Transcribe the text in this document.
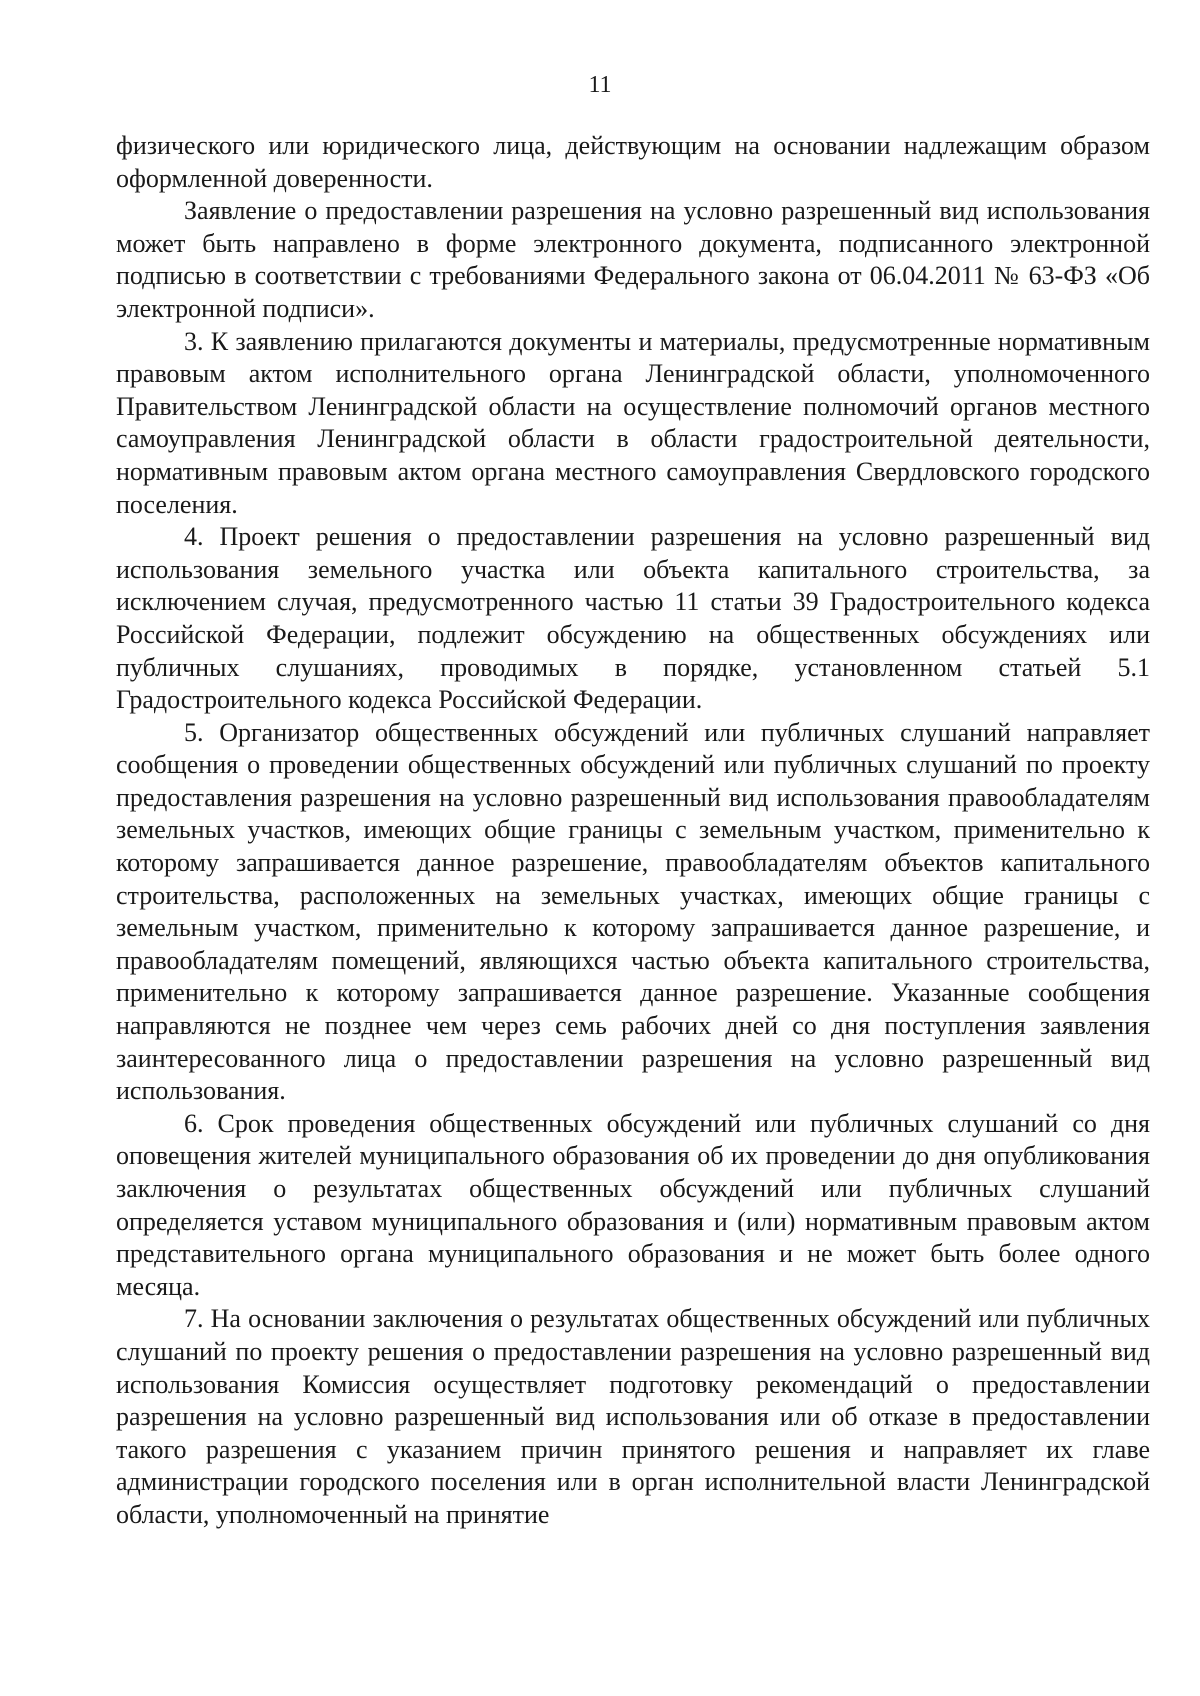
11

физического или юридического лица, действующим на основании надлежащим образом оформленной доверенности.

Заявление о предоставлении разрешения на условно разрешенный вид использования может быть направлено в форме электронного документа, подписанного электронной подписью в соответствии с требованиями Федерального закона от 06.04.2011 № 63-ФЗ «Об электронной подписи».

3. К заявлению прилагаются документы и материалы, предусмотренные нормативным правовым актом исполнительного органа Ленинградской области, уполномоченного Правительством Ленинградской области на осуществление полномочий органов местного самоуправления Ленинградской области в области градостроительной деятельности, нормативным правовым актом органа местного самоуправления Свердловского городского поселения.

4. Проект решения о предоставлении разрешения на условно разрешенный вид использования земельного участка или объекта капитального строительства, за исключением случая, предусмотренного частью 11 статьи 39 Градостроительного кодекса Российской Федерации, подлежит обсуждению на общественных обсуждениях или публичных слушаниях, проводимых в порядке, установленном статьей 5.1 Градостроительного кодекса Российской Федерации.

5. Организатор общественных обсуждений или публичных слушаний направляет сообщения о проведении общественных обсуждений или публичных слушаний по проекту предоставления разрешения на условно разрешенный вид использования правообладателям земельных участков, имеющих общие границы с земельным участком, применительно к которому запрашивается данное разрешение, правообладателям объектов капитального строительства, расположенных на земельных участках, имеющих общие границы с земельным участком, применительно к которому запрашивается данное разрешение, и правообладателям помещений, являющихся частью объекта капитального строительства, применительно к которому запрашивается данное разрешение. Указанные сообщения направляются не позднее чем через семь рабочих дней со дня поступления заявления заинтересованного лица о предоставлении разрешения на условно разрешенный вид использования.

6. Срок проведения общественных обсуждений или публичных слушаний со дня оповещения жителей муниципального образования об их проведении до дня опубликования заключения о результатах общественных обсуждений или публичных слушаний определяется уставом муниципального образования и (или) нормативным правовым актом представительного органа муниципального образования и не может быть более одного месяца.

7. На основании заключения о результатах общественных обсуждений или публичных слушаний по проекту решения о предоставлении разрешения на условно разрешенный вид использования Комиссия осуществляет подготовку рекомендаций о предоставлении разрешения на условно разрешенный вид использования или об отказе в предоставлении такого разрешения с указанием причин принятого решения и направляет их главе администрации городского поселения или в орган исполнительной власти Ленинградской области, уполномоченный на принятие
